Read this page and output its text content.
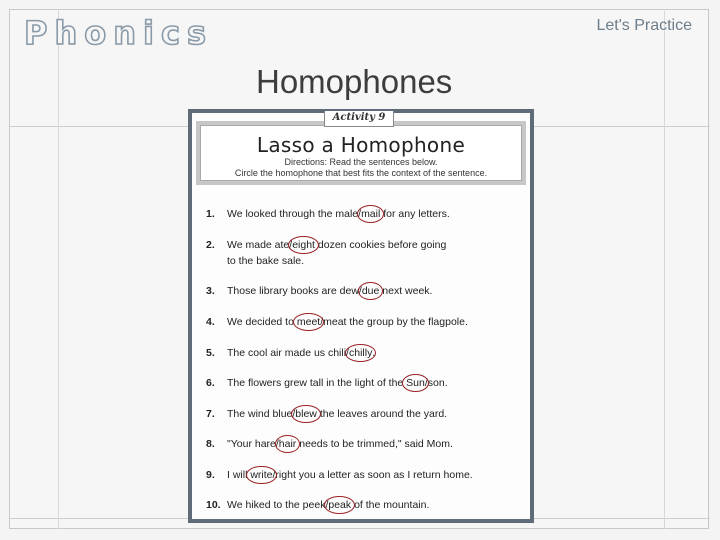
Phonics	Let's Practice
Homophones
Lasso a Homophone
Directions: Read the sentences below.
Circle the homophone that best fits the context of the sentence.
Activity 9
1. We looked through the male/mail
for any letters.
2. We made ate/eight
dozen cookies before going
to the bake sale.
3. Those library books are dew/due
next week.
4. We decided to meet
/meat the group by the flagpole.
5. The cool air made us chili/chilly
.
6. The flowers grew tall in the light of the Sun
/son.
7. The wind blue/blew
the leaves around the yard.
8. "Your hare/hair
needs to be trimmed," said Mom.
9. I will write
/right you a letter as soon as I return home.
10. We hiked to the peek/peak
of the mountain.
